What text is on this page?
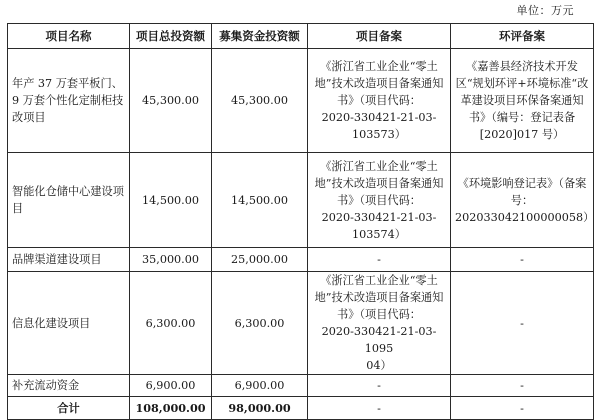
单位：万元
项目名称	项目总投资额	募集资金投资额	项目备案	环评备案
年产 37 万套平板门、9 万套个性化定制柜技改项目	45,300.00	45,300.00	《浙江省工业企业“零土地”技术改造项目备案通知书》（项目代码：
2020-330421-21-03-
103573）	《嘉善县经济技术开发区“规划环评+环境标准“改革建设项目环保备案通知书》（编号：登记表备[2020]017 号）
智能化仓储中心建设项目	14,500.00	14,500.00	《浙江省工业企业“零土地”技术改造项目备案通知书》（项目代码：
2020-330421-21-03-
103574）	《环境影响登记表》（备案号：
202033042100000058）
品牌渠道建设项目	35,000.00	25,000.00	-	-
信息化建设项目	6,300.00	6,300.00	《浙江省工业企业“零土地”技术改造项目备案通知书》（项目代码：
2020-330421-21-03-1095
04）	-
补充流动资金	6,900.00	6,900.00	-	-
合计	108,000.00	98,000.00	-	-
